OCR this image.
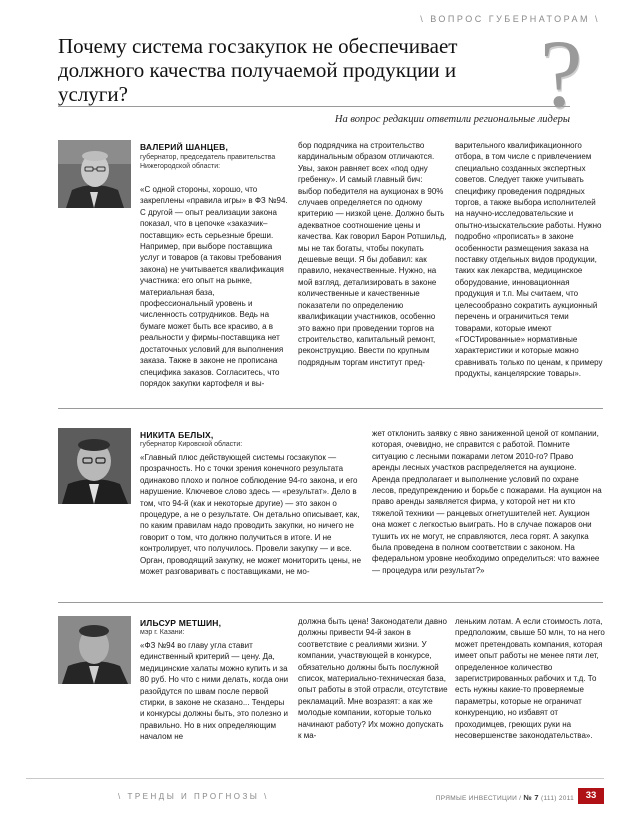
\ ВОПРОС ГУБЕРНАТОРАМ \
Почему система госзакупок не обеспечивает
должного качества получаемой продукции и услуги?	?
На вопрос редакции ответили региональные лидеры
ВАЛЕРИЙ ШАНЦЕВ,
губернатор, председатель правительства
Нижегородской области:

«С одной стороны, хорошо, что закреплены «правила игры» в ФЗ №94. С другой — опыт реализации закона показал, что в цепочке «заказчик–поставщик» есть серьезные бреши. Например, при выборе поставщика услуг и товаров (а таковы требования закона) не учитывается квалификация участника: его опыт на рынке, материальная база, профессиональный уровень и численность сотрудников. Ведь на бумаге может быть все красиво, а в реальности у фирмы-поставщика нет достаточных условий для выполнения заказа. Также в законе не прописана специфика заказов. Согласитесь, что порядок закупки картофеля и вы-

бор подрядчика на строительство кардинальным образом отличаются. Увы, закон равняет всех «под одну гребенку». И самый главный бич: выбор победителя на аукционах в 90% случаев определяется по одному критерию — низкой цене. Должно быть адекватное соотношение цены и качества. Как говорил Барон Ротшильд, мы не так богаты, чтобы покупать дешевые вещи. Я бы добавил: как правило, некачественные. Нужно, на мой взгляд, детализировать в законе количественные и качественные показатели по определению квалификации участников, особенно это важно при проведении торгов на строительство, капитальный ремонт, реконструкцию. Ввести по крупным подрядным торгам институт пред-

варительного квалификационного отбора, в том числе с привлечением специально созданных экспертных советов. Следует также учитывать специфику проведения подрядных торгов, а также выбора исполнителей на научно-исследовательские и опытно-изыскательские работы. Нужно подробно «прописать» в законе особенности размещения заказа на поставку отдельных видов продукции, таких как лекарства, медицинское оборудование, инновационная продукция и т.п. Мы считаем, что целесообразно сократить аукционный перечень и ограничиться теми товарами, которые имеют «ГОСТированные» нормативные характеристики и которые можно сравнивать только по ценам, к примеру продукты, канцелярские товары».

НИКИТА БЕЛЫХ,
губернатор Кировской области:

«Главный плюс действующей системы госзакупок — прозрачность. Но с точки зрения конечного результата одинаково плохо и полное соблюдение 94-го закона, и его нарушение. Ключевое слово здесь — «результат». Дело в том, что 94-й (как и некоторые другие) — это закон о процедуре, а не о результате. Он детально описывает, как, по каким правилам надо проводить закупки, но ничего не говорит о том, что должно получиться в итоге. И не контролирует, что получилось. Провели закупку — и все. Орган, проводящий закупку, не может мониторить цены, не может разговаривать с поставщиками, не мо-

жет отклонить заявку с явно заниженной ценой от компании, которая, очевидно, не справится с работой. Помните ситуацию с лесными пожарами летом 2010-го? Право аренды лесных участков распределяется на аукционе. Аренда предполагает и выполнение условий по охране лесов, предупреждению и борьбе с пожарами. На аукцион на право аренды заявляется фирма, у которой нет ни кто тяжелой техники — ранцевых огнетушителей нет. Аукцион она может с легкостью выиграть. Но в случае пожаров они тушить их не могут, не справляются, леса горят. А закупка была проведена в полном соответствии с законом. На федеральном уровне необходимо определиться: что важнее — процедура или результат?»

ИЛЬСУР МЕТШИН,
мэр г. Казани:

«ФЗ №94 во главу угла ставит единственный критерий — цену. Да, медицинские халаты можно купить и за 80 руб. Но что с ними делать, когда они разойдутся по швам после первой стирки, в законе не сказано... Тендеры и конкурсы должны быть, это полезно и правильно. Но в них определяющим началом не

должна быть цена! Законодатели давно должны привести 94-й закон в соответствие с реалиями жизни. У компании, участвующей в конкурсе, обязательно должны быть послужной список, материально-техническая база, опыт работы в этой отрасли, отсутствие рекламаций. Мне возразят: а как же молодые компании, которые только начинают работу? Их можно допускать к ма-

леньким лотам. А если стоимость лота, предположим, свыше 50 млн, то на него может претендовать компания, которая имеет опыт работы не менее пяти лет, определенное количество зарегистрированных рабочих и т.д. То есть нужны какие-то проверяемые параметры, которые не ограничат конкуренцию, но избавят от проходимцев, греющих руки на несовершенстве законодательства».

\ ТРЕНДЫ И ПРОГНОЗЫ \	ПРЯМЫЕ ИНВЕСТИЦИИ / № 7 (111) 2011	33
